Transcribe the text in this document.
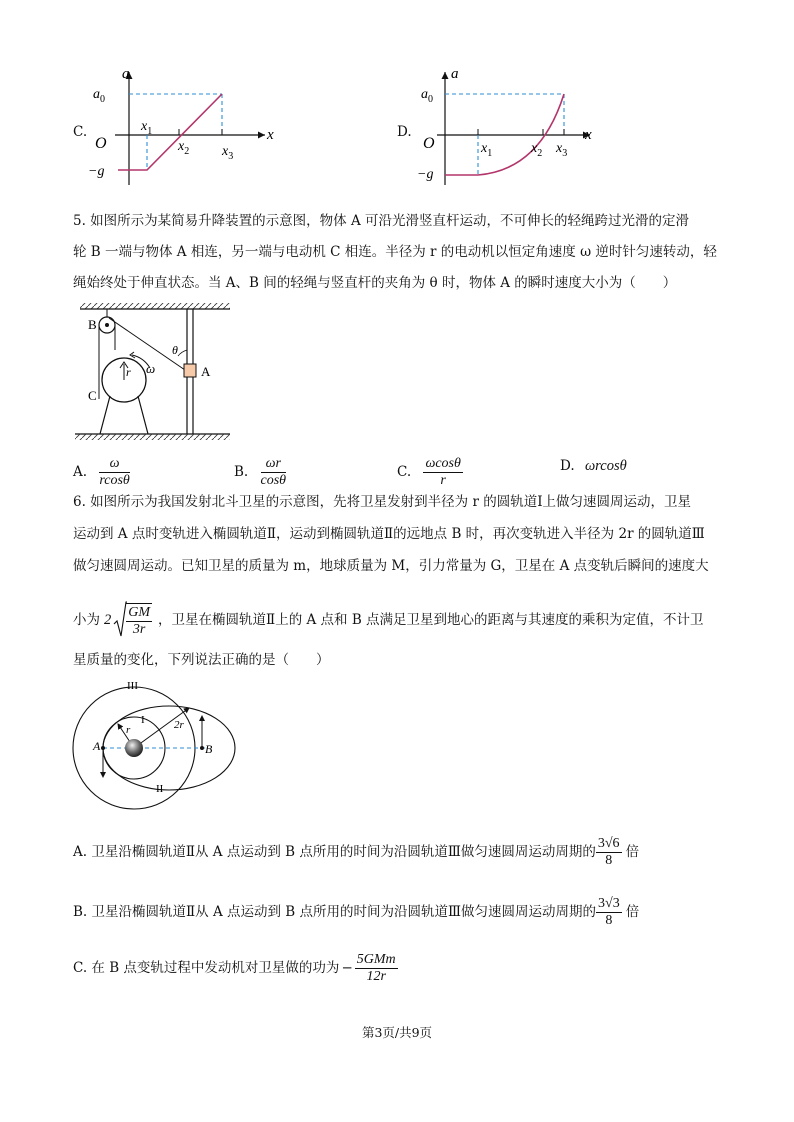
C.
a
x
$a_0$
O
−g
$x_1$
$x_2$ $x_3$
D.
a
x
$a_0$
O
−g
$x_1$	$x_2$ $x_3$
5. 如图所示为某简易升降装置的示意图，物体 A 可沿光滑竖直杆运动，不可伸长的轻绳跨过光滑的定滑
轮 B 一端与物体 A 相连，另一端与电动机 C 相连。半径为 r 的电动机以恒定角速度 ω 逆时针匀速转动，轻
绳始终处于伸直状态。当 A、B 间的轻绳与竖直杆的夹角为 θ 时，物体 A 的瞬时速度大小为（　　）
B
C
A
r ω
θ
A. $\frac{\omega}{rcos\theta}$	B. $\frac{\omega r}{\cos\theta}$	C. $\frac{\omega\cos\theta}{r}$	D. ωrcosθ
6. 如图所示为我国发射北斗卫星的示意图，先将卫星发射到半径为 r 的圆轨道Ⅰ上做匀速圆周运动，卫星
运动到 A 点时变轨进入椭圆轨道Ⅱ，运动到椭圆轨道Ⅱ的远地点 B 时，再次变轨进入半径为 2r 的圆轨道Ⅲ
做匀速圆周运动。已知卫星的质量为 m，地球质量为 M，引力常量为 G，卫星在 A 点变轨后瞬间的速度大
小为 $2 \frac{GM}{3r}$ ，卫星在椭圆轨道Ⅱ上的 A 点和 B 点满足卫星到地心的距离与其速度的乘积为定值，不计卫
星质量的变化，下列说法正确的是（　　）
III
I
II
A	B
r	2r
A. 卫星沿椭圆轨道Ⅱ从 A 点运动到 B 点所用的时间为沿圆轨道Ⅲ做匀速圆周运动周期的 $\frac{3√6}{8}$ 倍
B. 卫星沿椭圆轨道Ⅱ从 A 点运动到 B 点所用的时间为沿圆轨道Ⅲ做匀速圆周运动周期的 $\frac{3√3}{8}$ 倍
C. 在 B 点变轨过程中发动机对卫星做的功为 − $\frac{\text{5GMm}}{12r}$
第3页/共9页
